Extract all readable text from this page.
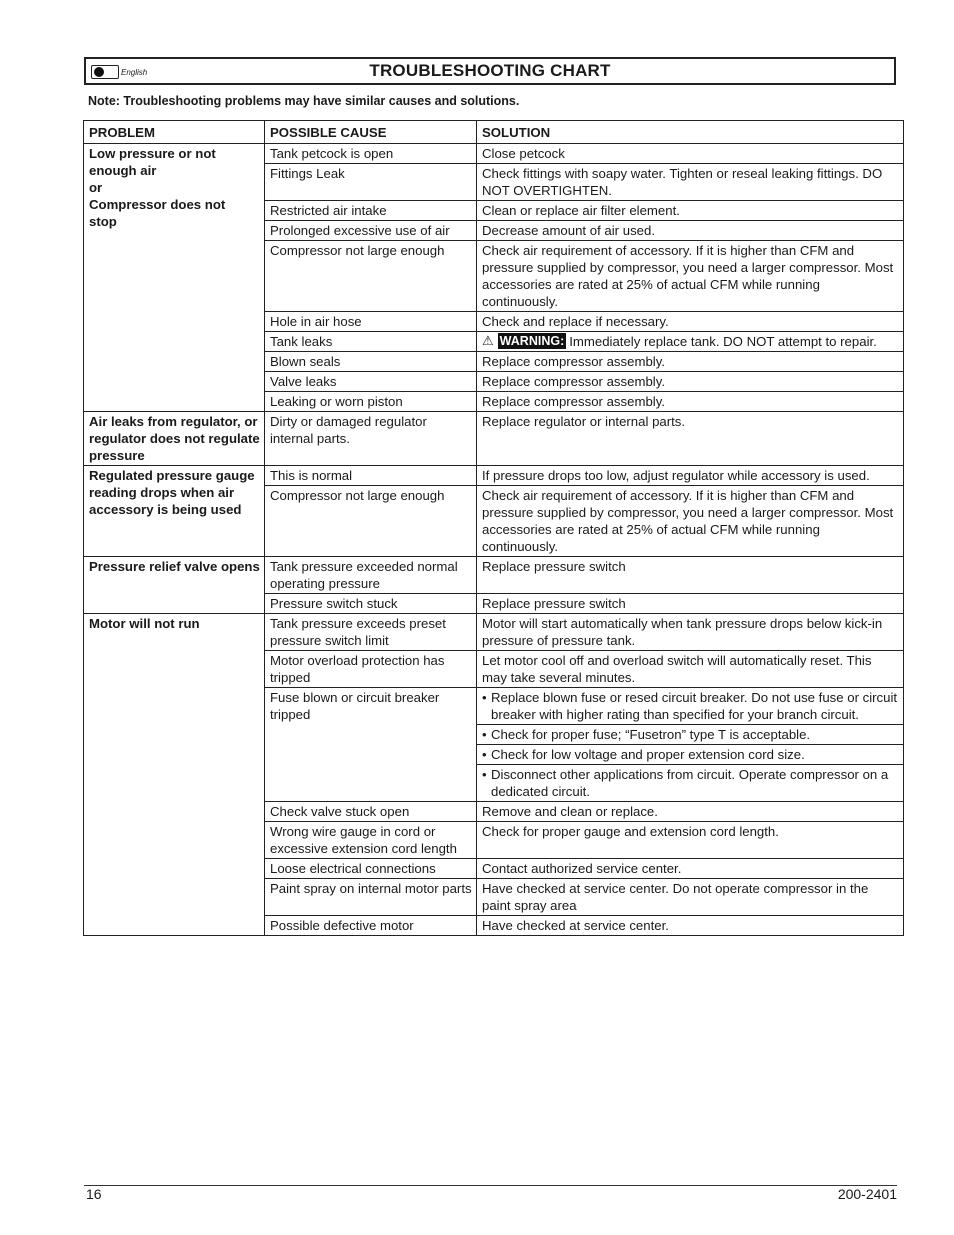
English	TROUBLESHOOTING CHART
Note: Troubleshooting problems may have similar causes and solutions.
PROBLEM	POSSIBLE CAUSE	SOLUTION

Low pressure or not
enough air
or
Compressor does not
stop	Tank petcock is open	Close petcock
	Fittings Leak	Check fittings with soapy water. Tighten or reseal leaking fittings. DO NOT OVERTIGHTEN.
	Restricted air intake	Clean or replace air filter element.
	Prolonged excessive use of air	Decrease amount of air used.
	Compressor not large enough	Check air requirement of accessory. If it is higher than CFM and pressure supplied by compressor, you need a larger compressor. Most accessories are rated at 25% of actual CFM while running continuously.
	Hole in air hose	Check and replace if necessary.
	Tank leaks	⚠ WARNING: Immediately replace tank. DO NOT attempt to repair.

	Blown seals	Replace compressor assembly.
	Valve leaks	Replace compressor assembly.
	Leaking or worn piston	Replace compressor assembly.

Air leaks from regulator, or regulator does not regulate pressure	Dirty or damaged regulator internal parts.	Replace regulator or internal parts.

Regulated pressure gauge reading drops when air accessory is being used	This is normal	If pressure drops too low, adjust regulator while accessory is used.
	Compressor not large enough	Check air requirement of accessory. If it is higher than CFM and pressure supplied by compressor, you need a larger compressor. Most accessories are rated at 25% of actual CFM while running continuously.

Pressure relief valve opens	Tank pressure exceeded normal operating pressure	Replace pressure switch
	Pressure switch stuck	Replace pressure switch

Motor will not run	Tank pressure exceeds preset pressure switch limit	Motor will start automatically when tank pressure drops below kick-in pressure of pressure tank.
	Motor overload protection has tripped	Let motor cool off and overload switch will automatically reset. This may take several minutes.
	Fuse blown or circuit breaker tripped	• Replace blown fuse or resed circuit breaker. Do not use fuse or circuit breaker with higher rating than specified for your branch circuit.

		• Check for proper fuse; “Fusetron” type T is acceptable.

		• Check for low voltage and proper extension cord size.

		• Disconnect other applications from circuit. Operate compressor on a dedicated circuit.

	Check valve stuck open	Remove and clean or replace.
	Wrong wire gauge in cord or excessive extension cord length	Check for proper gauge and extension cord length.
	Loose electrical connections	Contact authorized service center.
	Paint spray on internal motor parts	Have checked at service center. Do not operate compressor in the paint spray area
	Possible defective motor	Have checked at service center.
16	200-2401
